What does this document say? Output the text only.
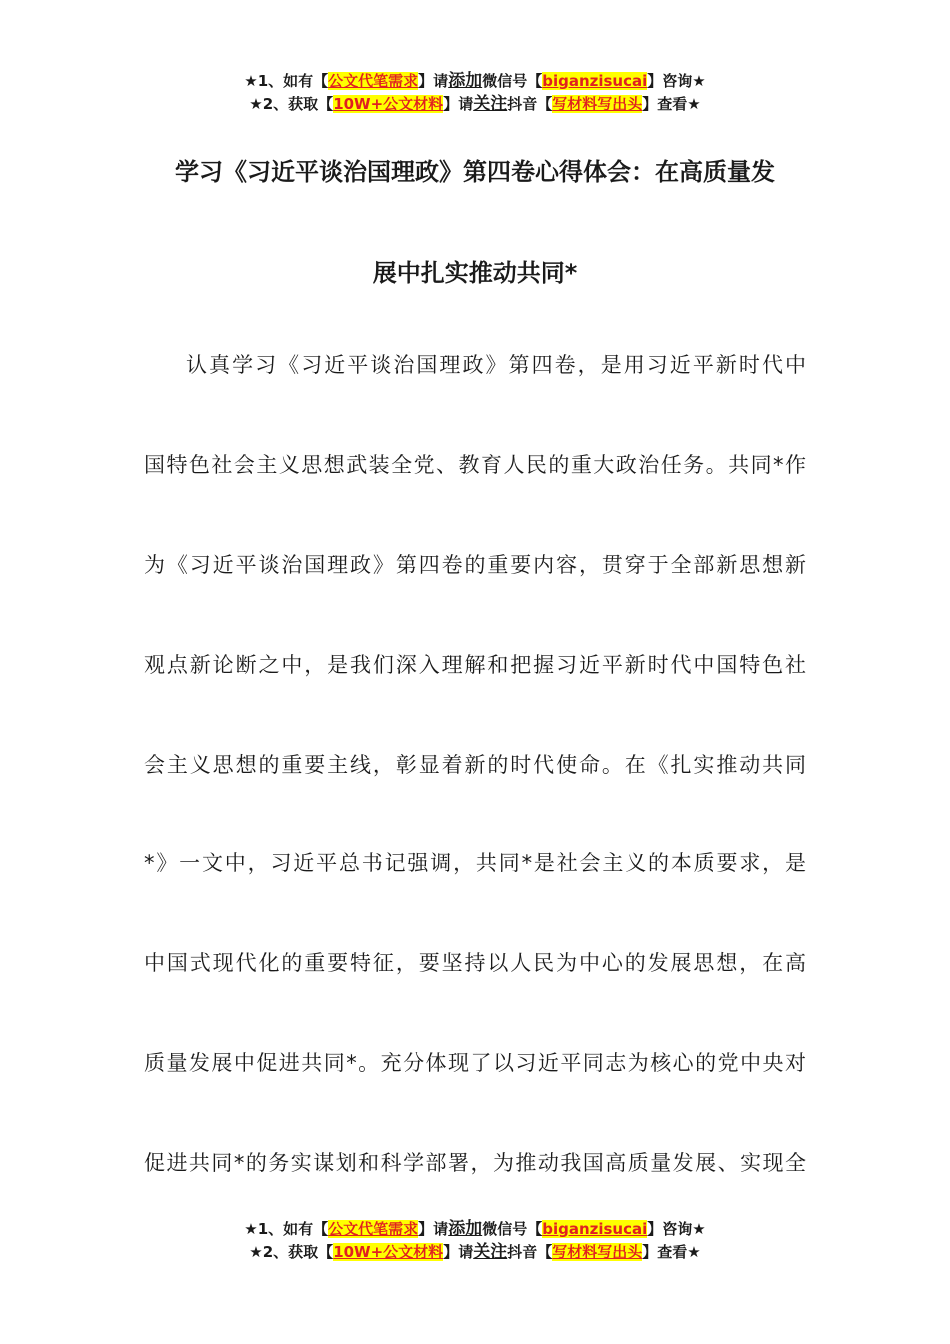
★1、如有【公文代笔需求】请添加微信号【biganzisucai】咨询★
★2、获取【10W+公文材料】请关注抖音【写材料写出头】查看★
学习《习近平谈治国理政》第四卷心得体会：在高质量发
展中扎实推动共同*
认真学习《习近平谈治国理政》第四卷，是用习近平新时代中
国特色社会主义思想武装全党、教育人民的重大政治任务。共同*作
为《习近平谈治国理政》第四卷的重要内容，贯穿于全部新思想新
观点新论断之中，是我们深入理解和把握习近平新时代中国特色社
会主义思想的重要主线，彰显着新的时代使命。在《扎实推动共同
*》一文中，习近平总书记强调，共同*是社会主义的本质要求，是
中国式现代化的重要特征，要坚持以人民为中心的发展思想，在高
质量发展中促进共同*。充分体现了以习近平同志为核心的党中央对
促进共同*的务实谋划和科学部署，为推动我国高质量发展、实现全
★1、如有【公文代笔需求】请添加微信号【biganzisucai】咨询★
★2、获取【10W+公文材料】请关注抖音【写材料写出头】查看★
